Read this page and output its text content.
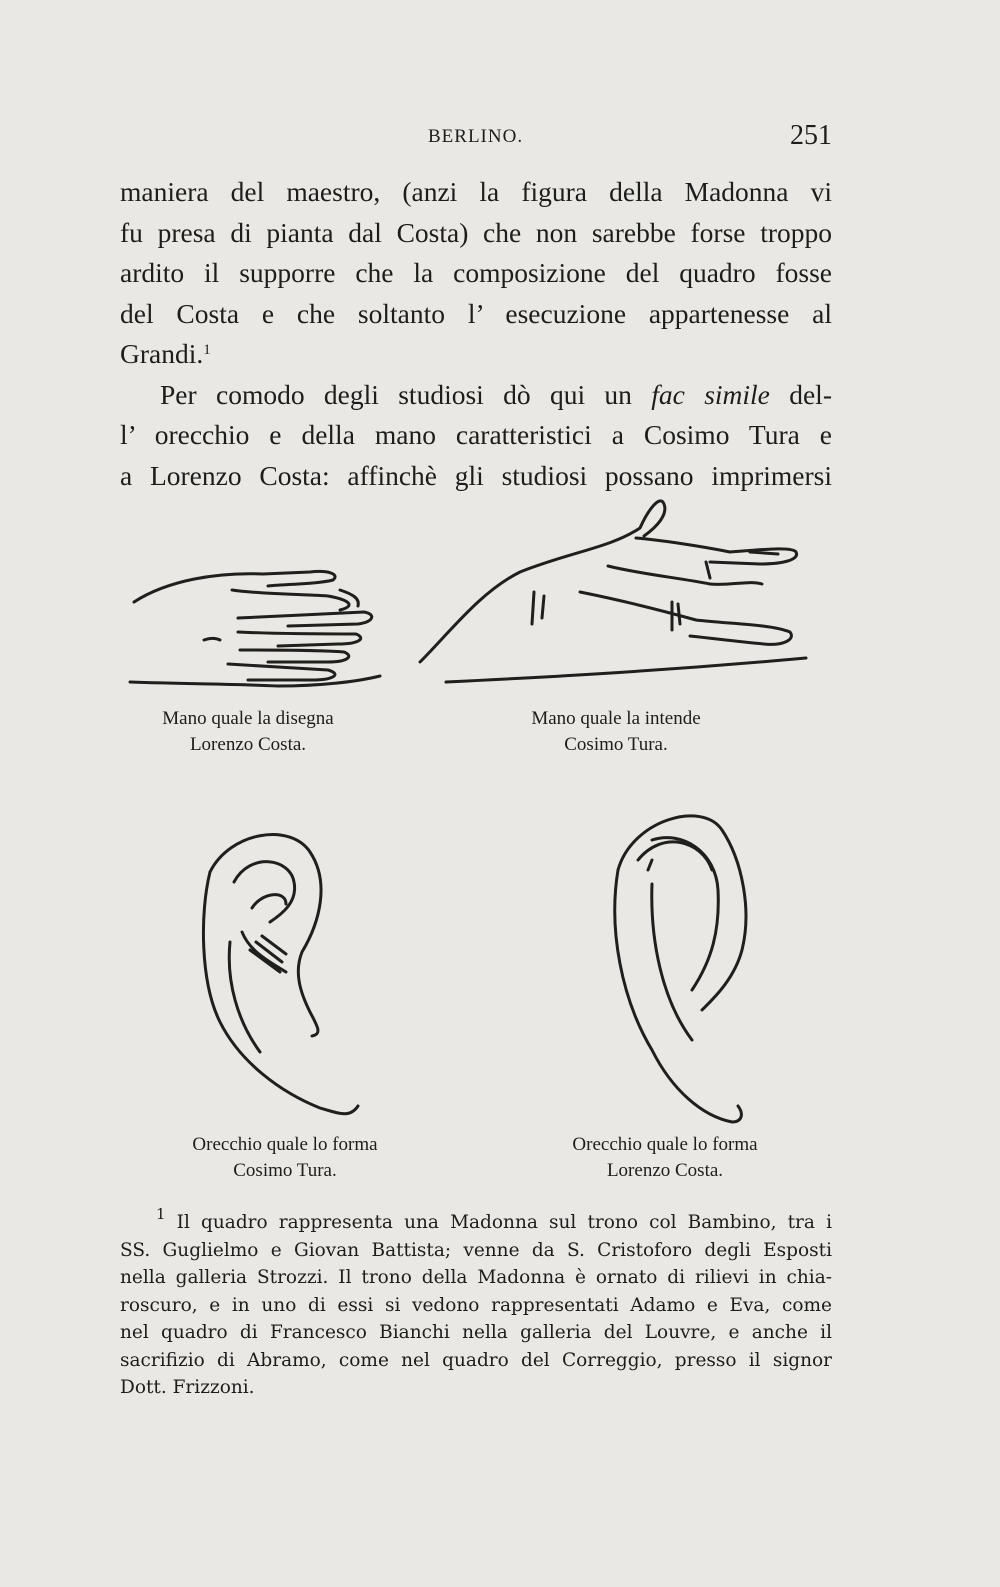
BERLINO.	251
maniera del maestro, (anzi la figura della Madonna vi
fu presa di pianta dal Costa) che non sarebbe forse troppo
ardito il supporre che la composizione del quadro fosse
del Costa e che soltanto l’ esecuzione appartenesse al
Grandi.$^1$
Per comodo degli studiosi dò qui un fac simile del-
l’ orecchio e della mano caratteristici a Cosimo Tura e
a Lorenzo Costa: affinchè gli studiosi possano imprimersi
Mano quale la disegna
Lorenzo Costa.
Mano quale la intende
Cosimo Tura.
Orecchio quale lo forma
Cosimo Tura.
Orecchio quale lo forma
Lorenzo Costa.
$^1$ Il quadro rappresenta una Madonna sul trono col Bambino, tra i
SS. Guglielmo e Giovan Battista; venne da S. Cristoforo degli Esposti
nella galleria Strozzi. Il trono della Madonna è ornato di rilievi in chia-
roscuro, e in uno di essi si vedono rappresentati Adamo e Eva, come
nel quadro di Francesco Bianchi nella galleria del Louvre, e anche il
sacrifizio di Abramo, come nel quadro del Correggio, presso il signor
Dott. Frizzoni.
